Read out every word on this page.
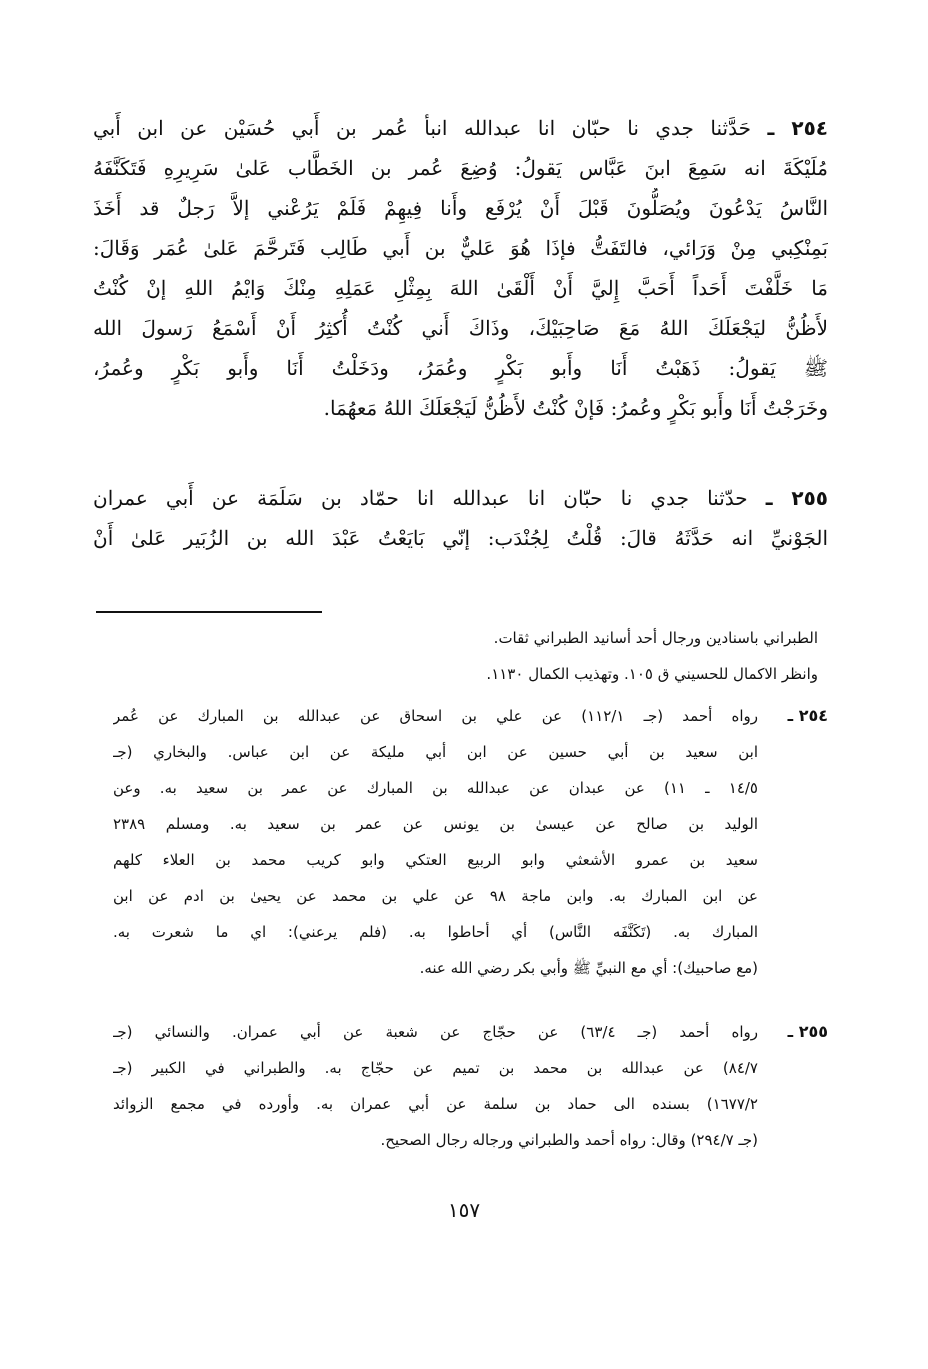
٢٥٤ ـ حَدَّثنا جدي نا حبّان انا عبدالله انبأ عُمر بن أَبي حُسَيْن عن ابن أَبي
مُلَيْكَةَ انه سَمِعَ ابنَ عَبَّاس يَقولُ: وُضِعَ عُمر بن الخَطَّاب عَلىٰ سَرِيرِهِ فَتَكَنَّفَهُ
النَّاسُ يَدْعُونَ ويُصَلُّونَ قَبْلَ أَنْ يُرْفَع وأَنا فِيهِمْ فَلَمْ يَرُعْني إلاَّ رَجلٌ قد أَخَذَ
بَمِنْكِبي مِنْ وَرَائي، فالتَفَتُّ فإذَا هُوَ عَليٌّ بن أَبي طَالِب فَتَرحَّمَ عَلىٰ عُمَر وَقَالَ:
مَا خَلَّفْتَ أَحَداً أَحَبَّ إِليَّ أَنْ أَلْقَىٰ اللهَ بِمِثْلِ عَمَلِهِ مِنْكَ وَايْمُ اللهِ إنْ كُنْتُ
لأَظُنُّ ليَجْعَلَكَ اللهُ مَعَ صَاحِبَيْكَ، وذَاكَ أَني كُنْتُ أُكثِرُ أَنْ أَسْمَعُ رَسولَ الله
ﷺ يَقولُ: ذَهَبْتُ أَنَا وأَبو بَكْرٍ وعُمَرُ، ودَخَلْتُ أَنَا وأَبو بَكْرٍ وعُمرُ،
وخَرَجْتُ أَنَا وأَبو بَكْرٍ وعُمرُ: فَإنْ كُنْتُ لأَظُنُّ لَيَجْعَلَكَ اللهُ مَعهُمَا.
٢٥٥ ـ حدّثنا جدي نا حبّان انا عبدالله انا حمّاد بن سَلَمَة عن أَبي عمران
الجَوْنيِّ انه حَدَّثَهُ قالَ: قُلْتُ لِجُنْدَب: إنّي بَايَعْتُ عَبْدَ الله بن الزُبَير عَلىٰ أَنْ
الطبراني باسنادين ورجال أحد أسانيد الطبراني ثقات.
وانظر الاكمال للحسيني ق ١٠٥. وتهذيب الكمال ١١٣٠.
٢٥٤ ـ
رواه أحمد (جـ ١١٢/١) عن علي بن اسحاق عن عبدالله بن المبارك عن عُمر
ابن سعيد بن أبي حسين عن ابن أبي مليكة عن ابن عباس. والبخاري (جـ
١٤/٥ ـ ١١) عن عبدان عن عبدالله بن المبارك عن عمر بن سعيد به. وعن
الوليد بن صالح عن عيسىٰ بن يونس عن عمر بن سعيد به. ومسلم ٢٣٨٩
سعيد بن عمرو الأشعثي وابو الربيع العتكي وابو كريب محمد بن العلاء كلهم
عن ابن المبارك به. وابن ماجة ٩٨ عن علي بن محمد عن يحيىٰ بن ادم عن ابن
المبارك به. (تَكَنَّفَه النَّاس) أي أحاطوا به. (فلم يرعني): اي ما شعرت به.
(مع صاحبيك): أي مع النبيِّ ﷺ وأبي بكر رضي الله عنه.
٢٥٥ ـ
رواه أحمد (جـ ٦٣/٤) عن حجّاج عن شعبة عن أبي عمران. والنسائي (جـ
٨٤/٧) عن عبدالله بن محمد بن تميم عن حجّاج به. والطبراني في الكبير (جـ
١٦٧٧/٢) بسنده الى حماد بن سلمة عن أبي عمران به. وأورده في مجمع الزوائد
(جـ ٢٩٤/٧) وقال: رواه أحمد والطبراني ورجاله رجال الصحيح.
١٥٧
